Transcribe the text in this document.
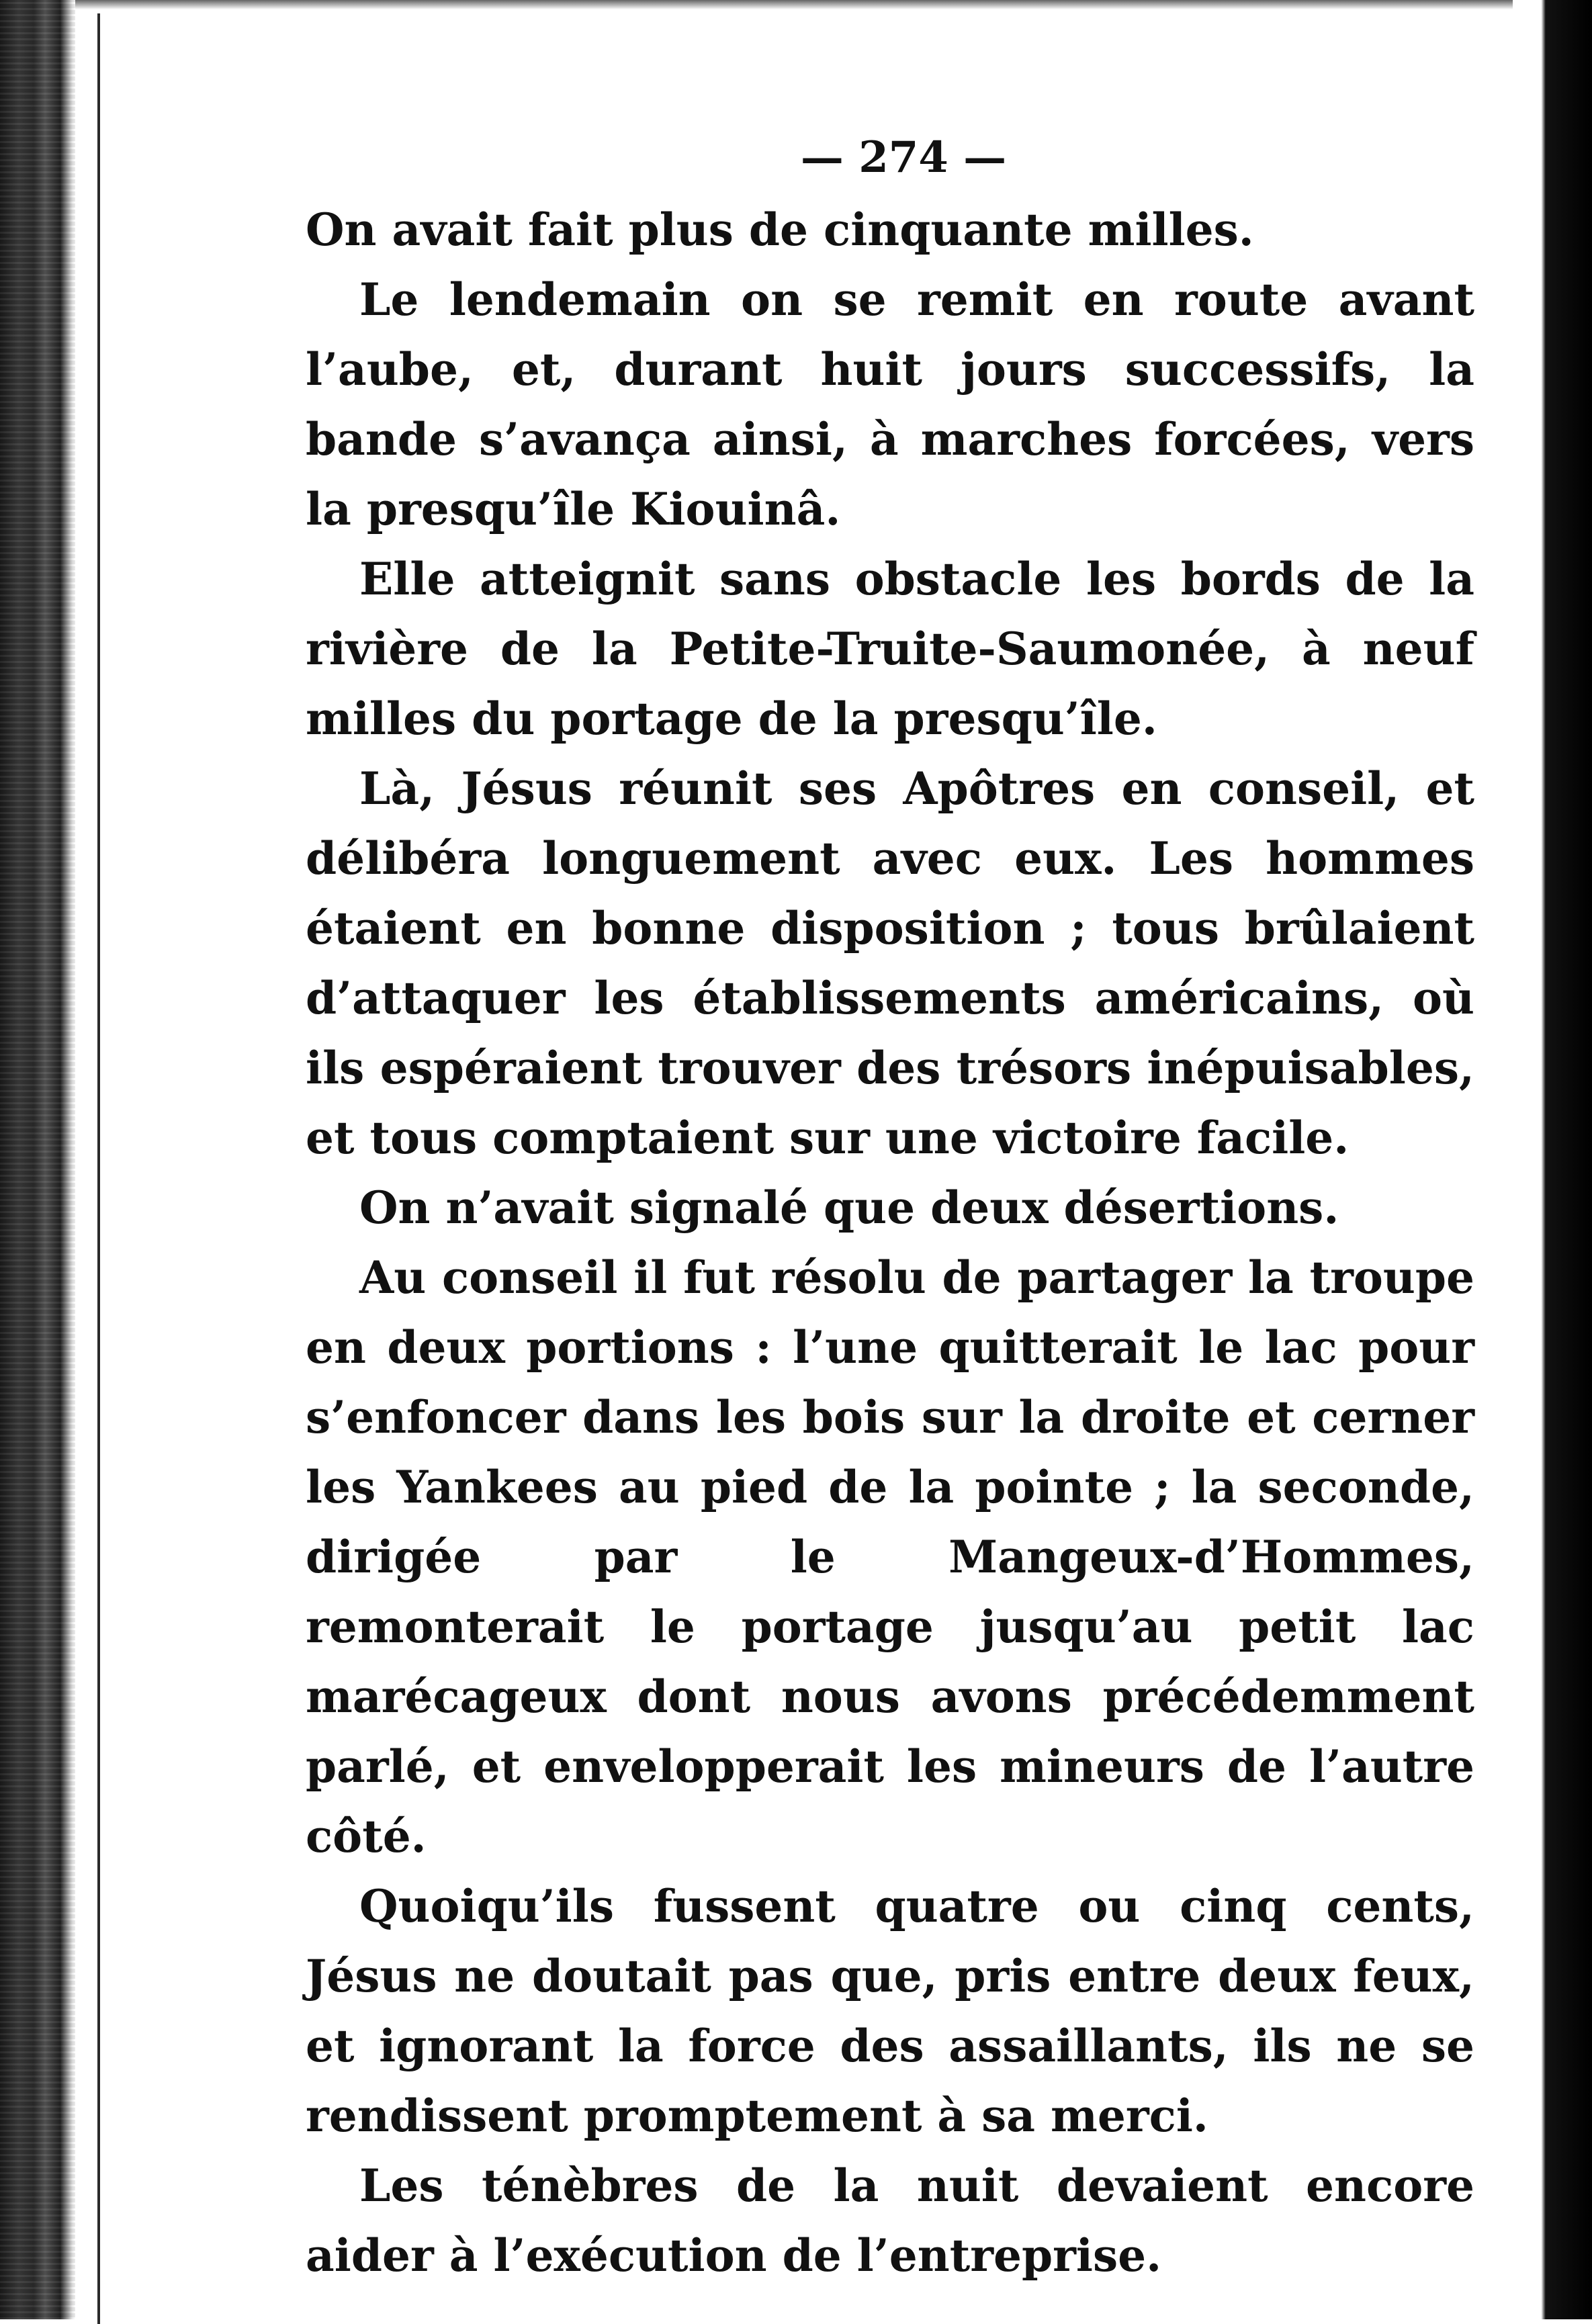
— 274 —

On avait fait plus de cinquante milles.

Le lendemain on se remit en route avant l’aube, et, durant huit jours successifs, la bande s’avança ainsi, à marches forcées, vers la presqu’île Kiouinâ.

Elle atteignit sans obstacle les bords de la rivière de la Petite-Truite-Saumonée, à neuf milles du portage de la presqu’île.

Là, Jésus réunit ses Apôtres en conseil, et délibéra longuement avec eux. Les hommes étaient en bonne disposition ; tous brûlaient d’attaquer les établissements américains, où ils espéraient trouver des trésors inépuisables, et tous comptaient sur une victoire facile.

On n’avait signalé que deux désertions.

Au conseil il fut résolu de partager la troupe en deux portions : l’une quitterait le lac pour s’enfoncer dans les bois sur la droite et cerner les Yankees au pied de la pointe ; la seconde, dirigée par le Mangeux-d’Hommes, remonterait le portage jusqu’au petit lac marécageux dont nous avons précédemment parlé, et envelopperait les mineurs de l’autre côté.

Quoiqu’ils fussent quatre ou cinq cents, Jésus ne doutait pas que, pris entre deux feux, et ignorant la force des assaillants, ils ne se rendissent promptement à sa merci.

Les ténèbres de la nuit devaient encore aider à l’exécution de l’entreprise.
